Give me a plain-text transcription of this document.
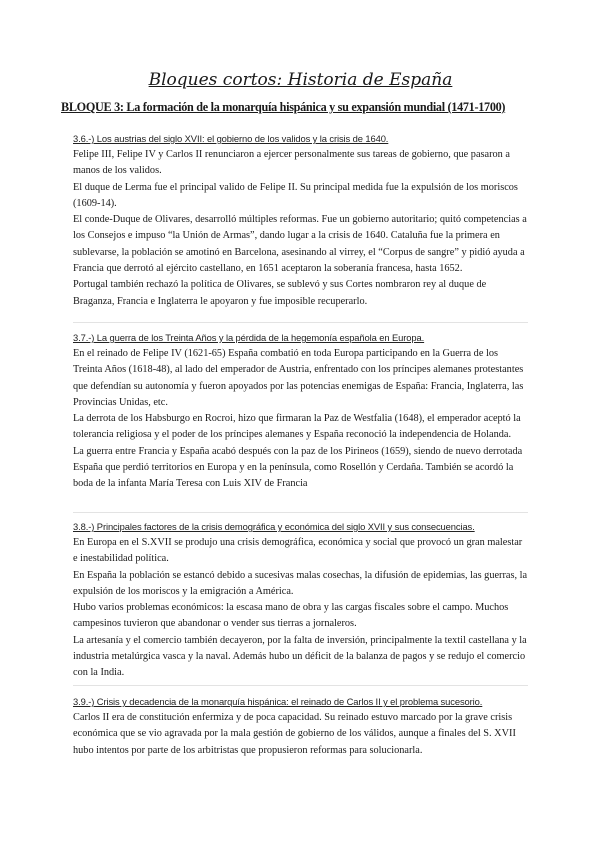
Bloques cortos: Historia de España
BLOQUE 3: La formación de la monarquía hispánica y su expansión mundial (1471-1700)
3.6.-) Los austrias del siglo XVII: el gobierno de los validos y la crisis de 1640.

Felipe III, Felipe IV y Carlos II renunciaron a ejercer personalmente sus tareas de gobierno, que pasaron a manos de los validos.

El duque de Lerma fue el principal valido de Felipe II. Su principal medida fue la expulsión de los moriscos (1609-14).

El conde-Duque de Olivares, desarrolló múltiples reformas. Fue un gobierno autoritario; quitó competencias a los Consejos e impuso “la Unión de Armas”, dando lugar a la crisis de 1640. Cataluña fue la primera en sublevarse, la población se amotinó en Barcelona, asesinando al virrey, el “Corpus de sangre” y pidió ayuda a Francia que derrotó al ejército castellano, en 1651 aceptaron la soberanía francesa, hasta 1652.

Portugal también rechazó la política de Olivares, se sublevó y sus Cortes nombraron rey al duque de Braganza, Francia e Inglaterra le apoyaron y fue imposible recuperarlo.

3.7.-) La guerra de los Treinta Años y la pérdida de la hegemonía española en Europa.

En el reinado de Felipe IV (1621-65) España combatió en toda Europa participando en la Guerra de los Treinta Años (1618-48), al lado del emperador de Austria, enfrentado con los príncipes alemanes protestantes que defendían su autonomía y fueron apoyados por las potencias enemigas de España: Francia, Inglaterra, las Provincias Unidas, etc.

La derrota de los Habsburgo en Rocroi, hizo que firmaran la Paz de Westfalia (1648), el emperador aceptó la tolerancia religiosa y el poder de los príncipes alemanes y España reconoció la independencia de Holanda.

La guerra entre Francia y España acabó después con la paz de los Pirineos (1659), siendo de nuevo derrotada España que perdió territorios en Europa y en la península, como Rosellón y Cerdaña. También se acordó la boda de la infanta María Teresa con Luis XIV de Francia

3.8.-) Principales factores de la crisis demográfica y económica del siglo XVII y sus consecuencias.

En Europa en el S.XVII se produjo una crisis demográfica, económica y social que provocó un gran malestar e inestabilidad política.

En España la población se estancó debido a sucesivas malas cosechas, la difusión de epidemias, las guerras, la expulsión de los moriscos y la emigración a América.

Hubo varios problemas económicos: la escasa mano de obra y las cargas fiscales sobre el campo. Muchos campesinos tuvieron que abandonar o vender sus tierras a jornaleros.

La artesanía y el comercio también decayeron, por la falta de inversión, principalmente la textil castellana y la industria metalúrgica vasca y la naval. Además hubo un déficit de la balanza de pagos y se redujo el comercio con la India.

3.9.-) Crisis y decadencia de la monarquía hispánica: el reinado de Carlos II y el problema sucesorio.

Carlos II era de constitución enfermiza y de poca capacidad. Su reinado estuvo marcado por la grave crisis económica que se vio agravada por la mala gestión de gobierno de los válidos, aunque a finales del S. XVII hubo intentos por parte de los arbitristas que propusieron reformas para solucionarla.
